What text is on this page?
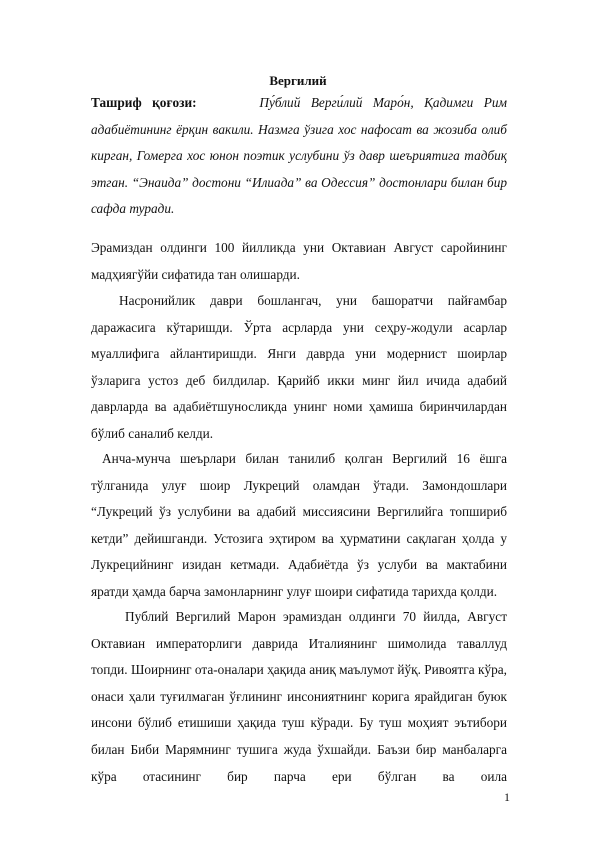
Вергилий
Ташриф қоғози:	Пу́блий Верги́лий Маро́н, Қадимги Рим адабиётининг ёрқин вакили. Назмга ўзига хос нафосат ва жозиба олиб кирган, Гомерга хос юнон поэтик услубини ўз давр шеъриятига тадбиқ этган. “Энаида” достони “Илиада” ва Одессия” достонлари билан бир сафда туради.

Эрамиздан олдинги 100 йилликда уни Октавиан Август саройининг мадҳиягўйи сифатида тан олишарди.

Насронийлик даври бошлангач, уни башоратчи пайғамбар даражасига кўтаришди. Ўрта асрларда уни сеҳру-жодули асарлар муаллифига айлантиришди. Янги даврда уни модернист шоирлар ўзларига устоз деб билдилар. Қарийб икки минг йил ичида адабий даврларда ва адабиётшуносликда унинг номи ҳамиша биринчилардан бўлиб саналиб келди.

Анча-мунча шеърлари билан танилиб қолган Вергилий 16 ёшга тўлганида улуғ шоир Лукреций оламдан ўтади. Замондошлари “Лукреций ўз услубини ва адабий миссиясини Вергилийга топшириб кетди” дейишганди. Устозига эҳтиром ва ҳурматини сақлаган ҳолда у Лукрецийнинг изидан кетмади. Адабиётда ўз услуби ва мактабини яратди ҳамда барча замонларнинг улуғ шоири сифатида тарихда қолди.

Публий Вергилий Марон эрамиздан олдинги 70 йилда, Август Октавиан императорлиги даврида Италиянинг шимолида таваллуд топди. Шоирнинг ота-оналари ҳақида аниқ маълумот йўқ. Ривоятга кўра, онаси ҳали туғилмаган ўғлининг инсониятнинг корига ярайдиган буюк инсони бўлиб етишиши ҳақида туш кўради. Бу туш моҳият эътибори билан Биби Марямнинг тушига жуда ўхшайди. Баъзи бир манбаларга кўра отасининг бир парча ери бўлган ва оила

1
